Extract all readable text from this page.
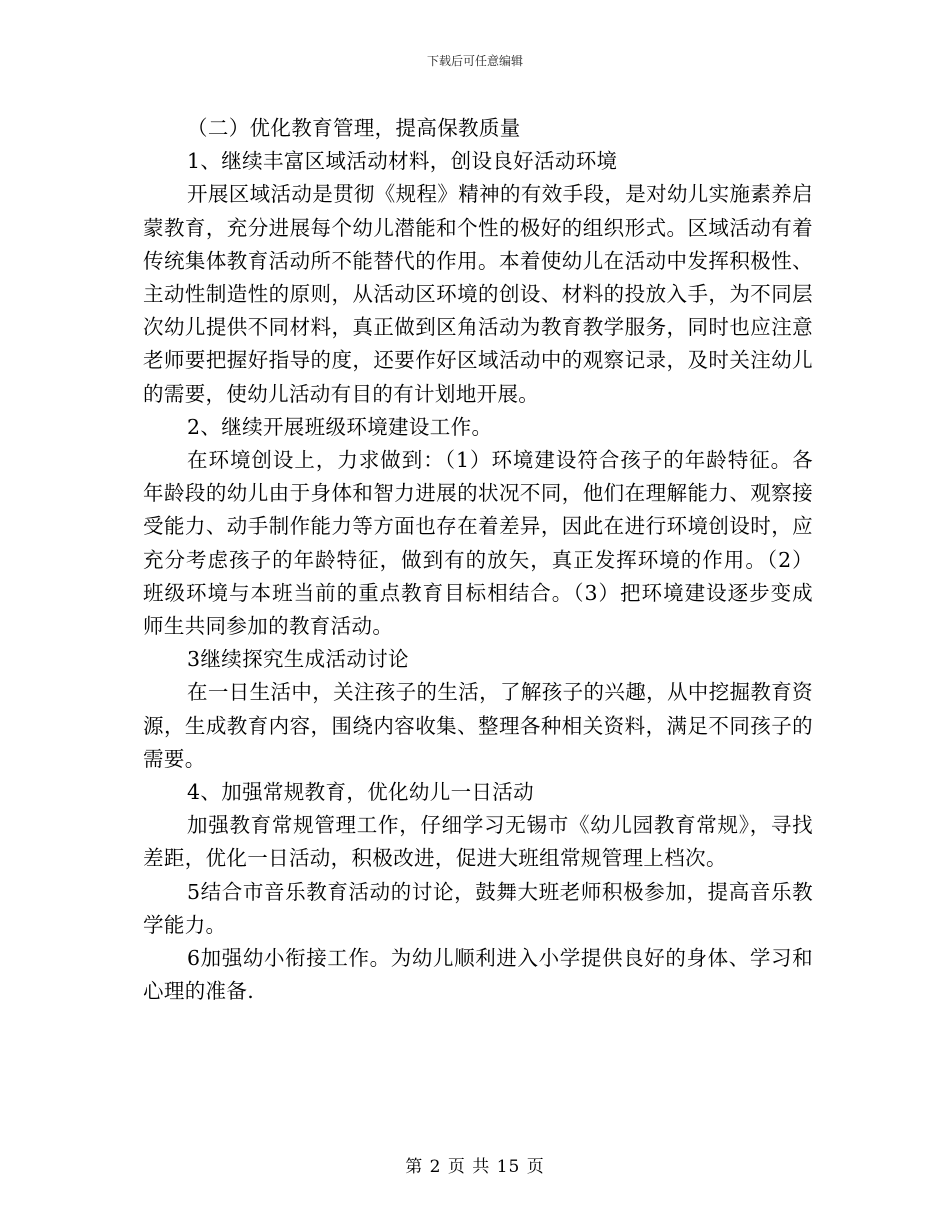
下载后可任意编辑

（二）优化教育管理，提高保教质量

1、继续丰富区域活动材料，创设良好活动环境

开展区域活动是贯彻《规程》精神的有效手段，是对幼儿实施素养启蒙教育，充分进展每个幼儿潜能和个性的极好的组织形式。区域活动有着传统集体教育活动所不能替代的作用。本着使幼儿在活动中发挥积极性、主动性制造性的原则，从活动区环境的创设、材料的投放入手，为不同层次幼儿提供不同材料，真正做到区角活动为教育教学服务，同时也应注意老师要把握好指导的度，还要作好区域活动中的观察记录，及时关注幼儿的需要，使幼儿活动有目的有计划地开展。

2、继续开展班级环境建设工作。

在环境创设上，力求做到：（1）环境建设符合孩子的年龄特征。各年龄段的幼儿由于身体和智力进展的状况不同，他们在理解能力、观察接受能力、动手制作能力等方面也存在着差异，因此在进行环境创设时，应充分考虑孩子的年龄特征，做到有的放矢，真正发挥环境的作用。（2）班级环境与本班当前的重点教育目标相结合。（3）把环境建设逐步变成师生共同参加的教育活动。

3继续探究生成活动讨论

在一日生活中，关注孩子的生活，了解孩子的兴趣，从中挖掘教育资源，生成教育内容，围绕内容收集、整理各种相关资料，满足不同孩子的需要。

4、加强常规教育，优化幼儿一日活动

加强教育常规管理工作，仔细学习无锡市《幼儿园教育常规》，寻找差距，优化一日活动，积极改进，促进大班组常规管理上档次。

5结合市音乐教育活动的讨论，鼓舞大班老师积极参加，提高音乐教学能力。

6加强幼小衔接工作。为幼儿顺利进入小学提供良好的身体、学习和心理的准备.

第 2 页 共 15 页
